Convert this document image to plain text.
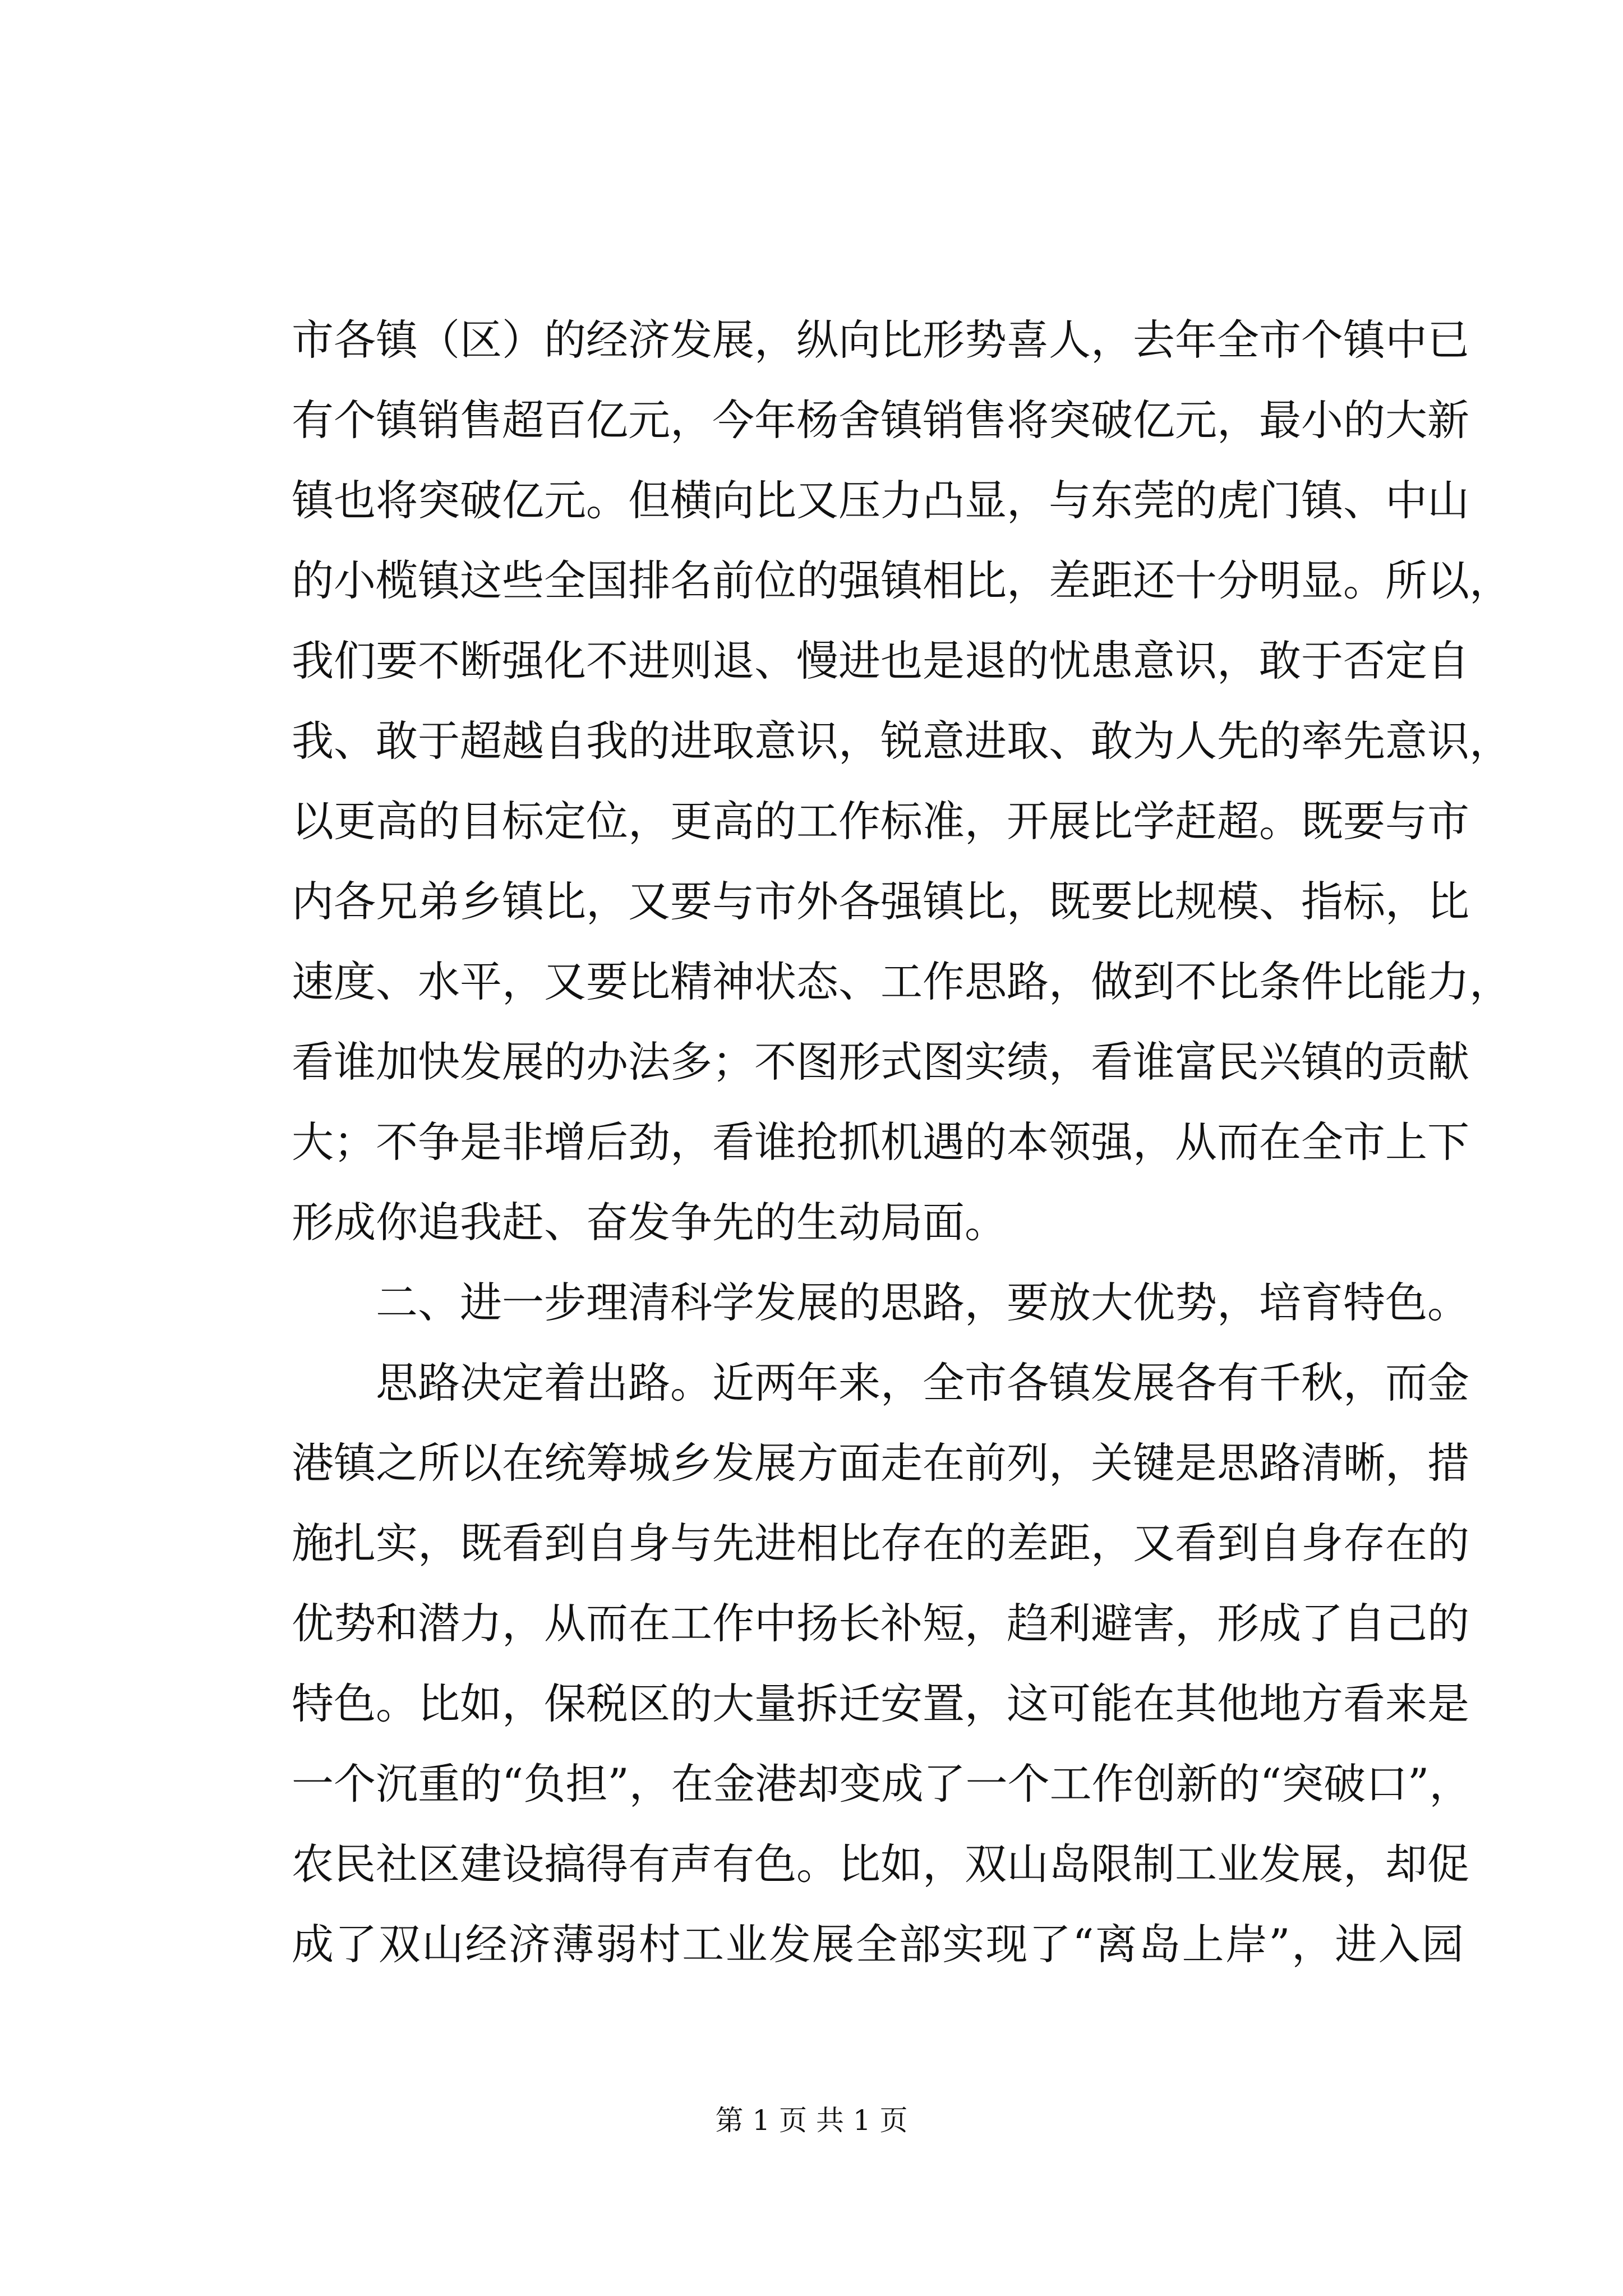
市各镇（区）的经济发展，纵向比形势喜人，去年全市个镇中已
有个镇销售超百亿元，今年杨舍镇销售将突破亿元，最小的大新
镇也将突破亿元。但横向比又压力凸显，与东莞的虎门镇、中山
的小榄镇这些全国排名前位的强镇相比，差距还十分明显。所以，
我们要不断强化不进则退、慢进也是退的忧患意识，敢于否定自
我、敢于超越自我的进取意识，锐意进取、敢为人先的率先意识，
以更高的目标定位，更高的工作标准，开展比学赶超。既要与市
内各兄弟乡镇比，又要与市外各强镇比，既要比规模、指标，比
速度、水平，又要比精神状态、工作思路，做到不比条件比能力，
看谁加快发展的办法多；不图形式图实绩，看谁富民兴镇的贡献
大；不争是非增后劲，看谁抢抓机遇的本领强，从而在全市上下
形成你追我赶、奋发争先的生动局面。
二、进一步理清科学发展的思路，要放大优势，培育特色。
思路决定着出路。近两年来，全市各镇发展各有千秋，而金
港镇之所以在统筹城乡发展方面走在前列，关键是思路清晰，措
施扎实，既看到自身与先进相比存在的差距，又看到自身存在的
优势和潜力，从而在工作中扬长补短，趋利避害，形成了自己的
特色。比如，保税区的大量拆迁安置，这可能在其他地方看来是
一个沉重的“负担”，在金港却变成了一个工作创新的“突破口”，
农民社区建设搞得有声有色。比如，双山岛限制工业发展，却促
成了双山经济薄弱村工业发展全部实现了“离岛上岸”，进入园
第 1 页 共 1 页
